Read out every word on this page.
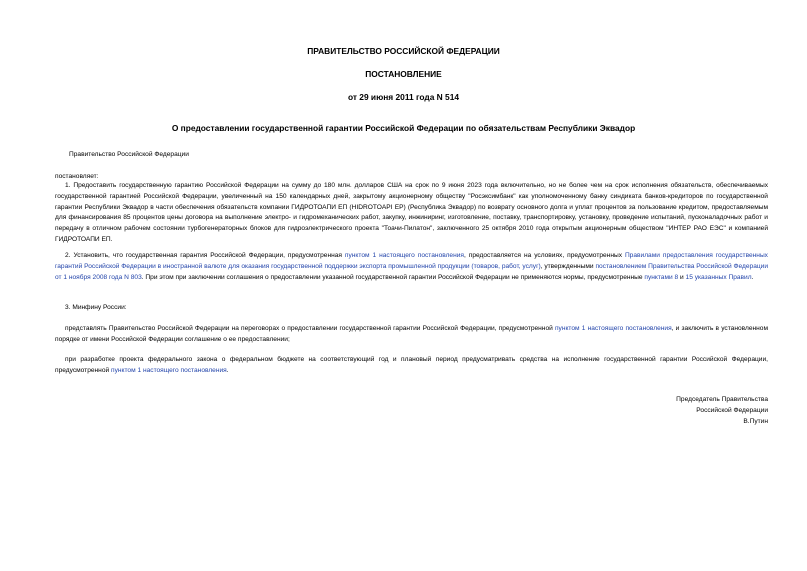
ПРАВИТЕЛЬСТВО РОССИЙСКОЙ ФЕДЕРАЦИИ
ПОСТАНОВЛЕНИЕ
от 29 июня 2011 года N 514
О предоставлении государственной гарантии Российской Федерации по обязательствам Республики Эквадор
Правительство Российской Федерации
постановляет:
1. Предоставить государственную гарантию Российской Федерации на сумму до 180 млн. долларов США на срок по 9 июня 2023 года включительно, но не более чем на срок исполнения обязательств, обеспечиваемых государственной гарантией Российской Федерации, увеличенный на 150 календарных дней, закрытому акционерному обществу "Росэксимбанк" как уполномоченному банку синдиката банков-кредиторов по государственной гарантии Республики Эквадор в части обеспечения обязательств компании ГИДРОТОАПИ ЕП (HIDROTOAPI EP) (Республика Эквадор) по возврату основного долга и уплат процентов за пользование кредитом, предоставляемым для финансирования 85 процентов цены договора на выполнение электро- и гидромеханических работ, закупку, инжиниринг, изготовление, поставку, транспортировку, установку, проведение испытаний, пусконаладочных работ и передачу в отличном рабочем состоянии турбогенераторных блоков для гидроэлектрического проекта "Тоачи-Пилатон", заключенного 25 октября 2010 года открытым акционерным обществом "ИНТЕР РАО ЕЭС" и компанией ГИДРОТОАПИ ЕП.
2. Установить, что государственная гарантия Российской Федерации, предусмотренная пунктом 1 настоящего постановления, предоставляется на условиях, предусмотренных Правилами предоставления государственных гарантий Российской Федерации в иностранной валюте для оказания государственной поддержки экспорта промышленной продукции (товаров, работ, услуг), утвержденными постановлением Правительства Российской Федерации от 1 ноября 2008 года N 803. При этом при заключении соглашения о предоставлении указанной государственной гарантии Российской Федерации не применяются нормы, предусмотренные пунктами 8 и 15 указанных Правил.
3. Минфину России:
представлять Правительство Российской Федерации на переговорах о предоставлении государственной гарантии Российской Федерации, предусмотренной пунктом 1 настоящего постановления, и заключить в установленном порядке от имени Российской Федерации соглашение о ее предоставлении;
при разработке проекта федерального закона о федеральном бюджете на соответствующий год и плановый период предусматривать средства на исполнение государственной гарантии Российской Федерации, предусмотренной пунктом 1 настоящего постановления.
Председатель Правительства
Российской Федерации
В.Путин
